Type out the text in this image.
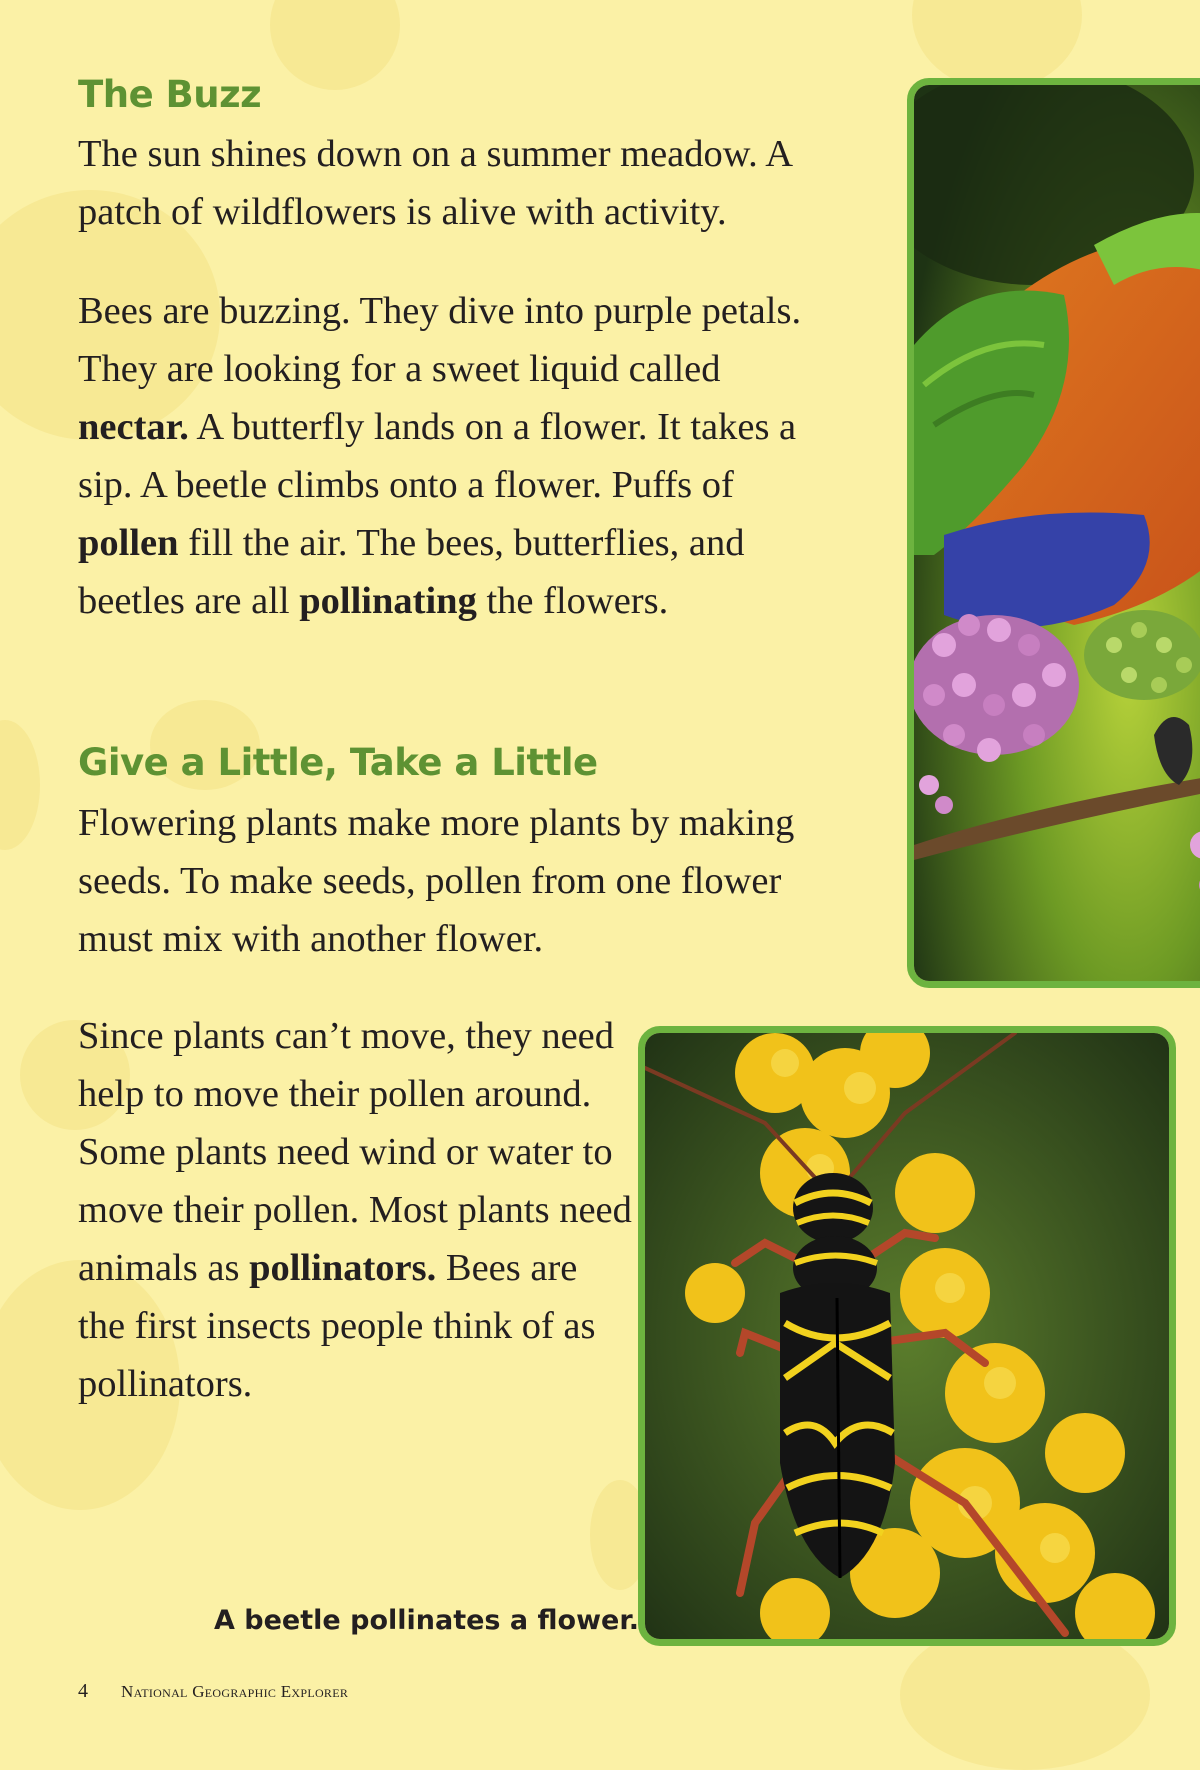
The Buzz

The sun shines down on a summer meadow. A patch of wildflowers is alive with activity.

Bees are buzzing. They dive into purple petals. They are looking for a sweet liquid called nectar. A butterfly lands on a flower. It takes a sip. A beetle climbs onto a flower. Puffs of pollen fill the air. The bees, butterflies, and beetles are all pollinating the flowers.

Give a Little, Take a Little

Flowering plants make more plants by making seeds. To make seeds, pollen from one flower must mix with another flower.

Since plants can’t move, they need help to move their pollen around. Some plants need wind or water to move their pollen. Most plants need animals as pollinators. Bees are the first insects people think of as pollinators.

A beetle pollinates a flower.

4 National Geographic Explorer
